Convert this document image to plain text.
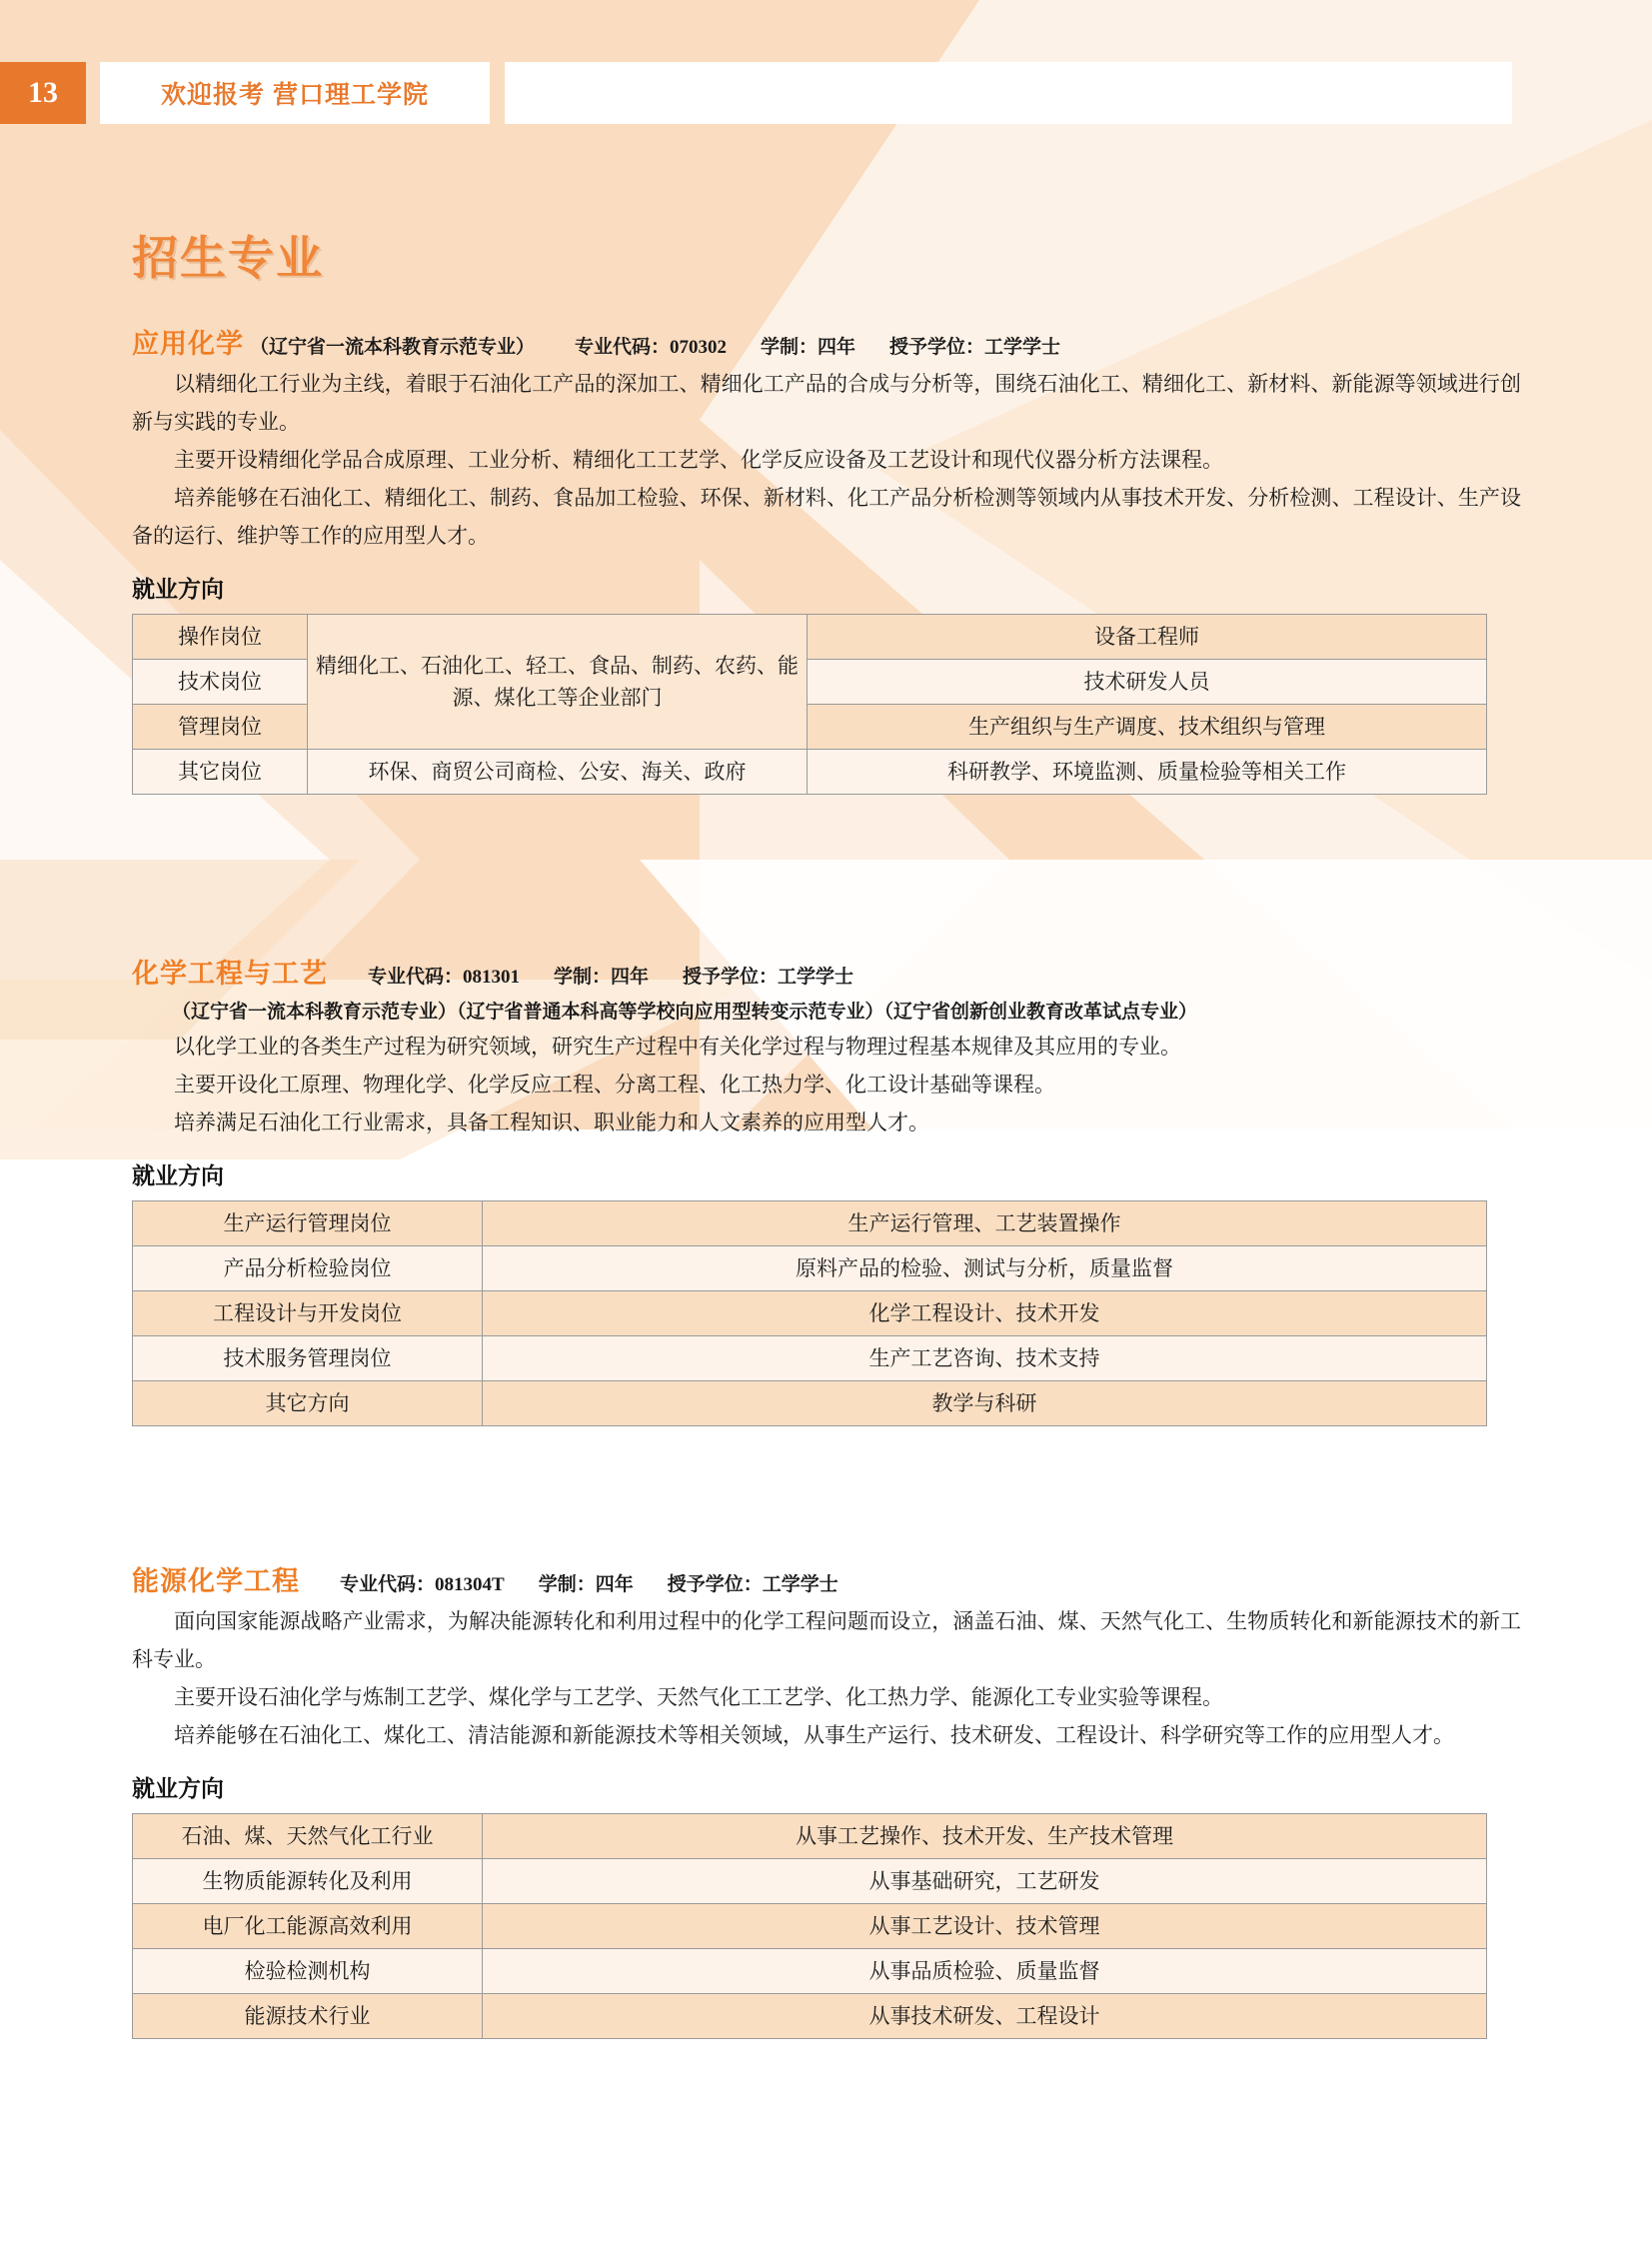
13	欢迎报考 营口理工学院
招生专业
应用化学 （辽宁省一流本科教育示范专业） 专业代码：070302 学制：四年 授予学位：工学学士
以精细化工行业为主线，着眼于石油化工产品的深加工、精细化工产品的合成与分析等，围绕石油化工、精细化工、新材料、新能源等领域进行创新与实践的专业。
主要开设精细化学品合成原理、工业分析、精细化工工艺学、化学反应设备及工艺设计和现代仪器分析方法课程。
培养能够在石油化工、精细化工、制药、食品加工检验、环保、新材料、化工产品分析检测等领域内从事技术开发、分析检测、工程设计、生产设备的运行、维护等工作的应用型人才。
就业方向
操作岗位	精细化工、石油化工、轻工、食品、制药、农药、能源、煤化工等企业部门	设备工程师
技术岗位		技术研发人员
管理岗位		生产组织与生产调度、技术组织与管理
其它岗位	环保、商贸公司商检、公安、海关、政府	科研教学、环境监测、质量检验等相关工作
化学工程与工艺 专业代码：081301 学制：四年 授予学位：工学学士
（辽宁省一流本科教育示范专业）（辽宁省普通本科高等学校向应用型转变示范专业）（辽宁省创新创业教育改革试点专业）
以化学工业的各类生产过程为研究领域，研究生产过程中有关化学过程与物理过程基本规律及其应用的专业。
主要开设化工原理、物理化学、化学反应工程、分离工程、化工热力学、化工设计基础等课程。
培养满足石油化工行业需求，具备工程知识、职业能力和人文素养的应用型人才。
就业方向
生产运行管理岗位	生产运行管理、工艺装置操作
产品分析检验岗位	原料产品的检验、测试与分析，质量监督
工程设计与开发岗位	化学工程设计、技术开发
技术服务管理岗位	生产工艺咨询、技术支持
其它方向	教学与科研
能源化学工程 专业代码：081304T 学制：四年 授予学位：工学学士
面向国家能源战略产业需求，为解决能源转化和利用过程中的化学工程问题而设立，涵盖石油、煤、天然气化工、生物质转化和新能源技术的新工科专业。
主要开设石油化学与炼制工艺学、煤化学与工艺学、天然气化工工艺学、化工热力学、能源化工专业实验等课程。
培养能够在石油化工、煤化工、清洁能源和新能源技术等相关领域，从事生产运行、技术研发、工程设计、科学研究等工作的应用型人才。
就业方向
石油、煤、天然气化工行业	从事工艺操作、技术开发、生产技术管理
生物质能源转化及利用	从事基础研究，工艺研发
电厂化工能源高效利用	从事工艺设计、技术管理
检验检测机构	从事品质检验、质量监督
能源技术行业	从事技术研发、工程设计
